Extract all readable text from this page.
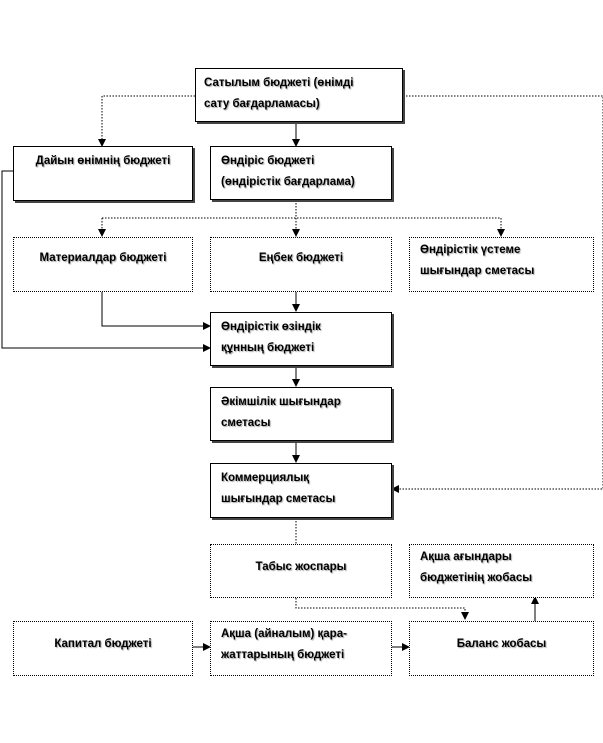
Сатылым бюджеті (өнімді
сату бағдарламасы)
Дайын өнімнің бюджеті	Өндіріс бюджеті
(өндірістік бағдарлама)
Материалдар бюджеті	Еңбек бюджеті
Өндірістік үстеме
шығындар сметасы
Өндірістік өзіндік
құнның бюджеті
Әкімшілік шығындар
сметасы
Коммерциялық
шығындар сметасы
Табыс жоспары
Ақша ағындары
бюджетінің жобасы
Капитал бюджеті
Ақша (айналым) қара-
жаттарының бюджеті
Баланс жобасы
